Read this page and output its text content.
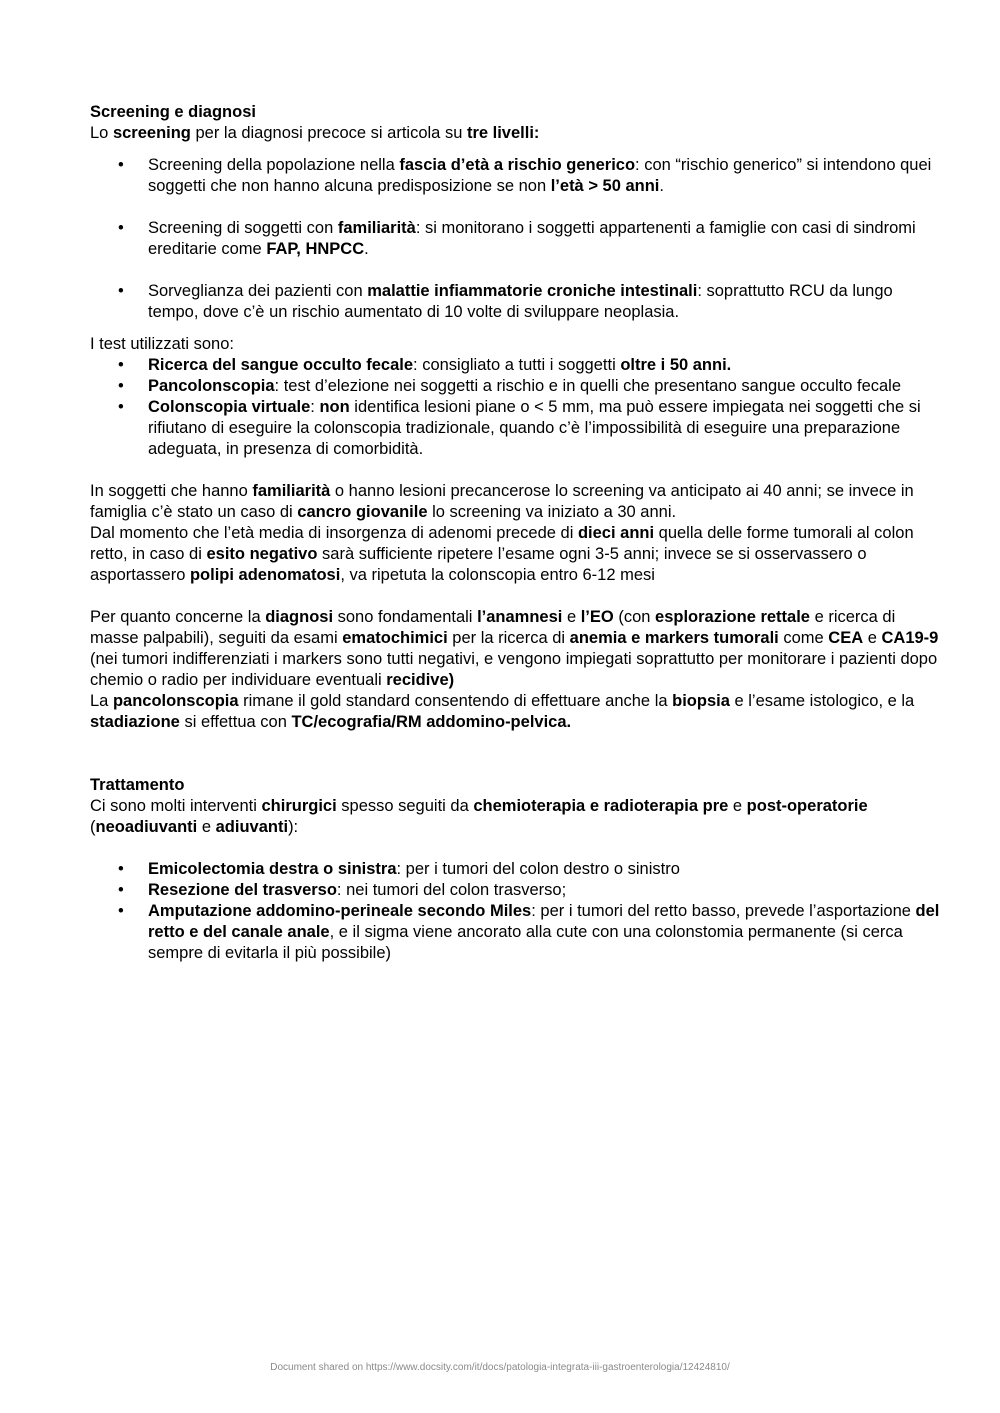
Screening e diagnosi

Lo screening per la diagnosi precoce si articola su tre livelli:

• Screening della popolazione nella fascia d’età a rischio generico: con “rischio generico” si intendono quei soggetti che non hanno alcuna predisposizione se non l’età > 50 anni.
• Screening di soggetti con familiarità: si monitorano i soggetti appartenenti a famiglie con casi di sindromi ereditarie come FAP, HNPCC.
• Sorveglianza dei pazienti con malattie infiammatorie croniche intestinali: soprattutto RCU da lungo tempo, dove c’è un rischio aumentato di 10 volte di sviluppare neoplasia.

I test utilizzati sono:

• Ricerca del sangue occulto fecale: consigliato a tutti i soggetti oltre i 50 anni.
• Pancolonscopia: test d’elezione nei soggetti a rischio e in quelli che presentano sangue occulto fecale
• Colonscopia virtuale: non identifica lesioni piane o < 5 mm, ma può essere impiegata nei soggetti che si rifiutano di eseguire la colonscopia tradizionale, quando c’è l’impossibilità di eseguire una preparazione adeguata, in presenza di comorbidità.

In soggetti che hanno familiarità o hanno lesioni precancerose lo screening va anticipato ai 40 anni; se invece in famiglia c’è stato un caso di cancro giovanile lo screening va iniziato a 30 anni.

Dal momento che l’età media di insorgenza di adenomi precede di dieci anni quella delle forme tumorali al colon retto, in caso di esito negativo sarà sufficiente ripetere l’esame ogni 3-5 anni; invece se si osservassero o asportassero polipi adenomatosi, va ripetuta la colonscopia entro 6-12 mesi

Per quanto concerne la diagnosi sono fondamentali l’anamnesi e l’EO (con esplorazione rettale e ricerca di masse palpabili), seguiti da esami ematochimici per la ricerca di anemia e markers tumorali come CEA e CA19-9 (nei tumori indifferenziati i markers sono tutti negativi, e vengono impiegati soprattutto per monitorare i pazienti dopo chemio o radio per individuare eventuali recidive)

La pancolonscopia rimane il gold standard consentendo di effettuare anche la biopsia e l’esame istologico, e la stadiazione si effettua con TC/ecografia/RM addomino-pelvica.

Trattamento

Ci sono molti interventi chirurgici spesso seguiti da chemioterapia e radioterapia pre e post-operatorie (neoadiuvanti e adiuvanti):

• Emicolectomia destra o sinistra: per i tumori del colon destro o sinistro
• Resezione del trasverso: nei tumori del colon trasverso;
• Amputazione addomino-perineale secondo Miles: per i tumori del retto basso, prevede l’asportazione del retto e del canale anale, e il sigma viene ancorato alla cute con una colonstomia permanente (si cerca sempre di evitarla il più possibile)
Document shared on https://www.docsity.com/it/docs/patologia-integrata-iii-gastroenterologia/12424810/
